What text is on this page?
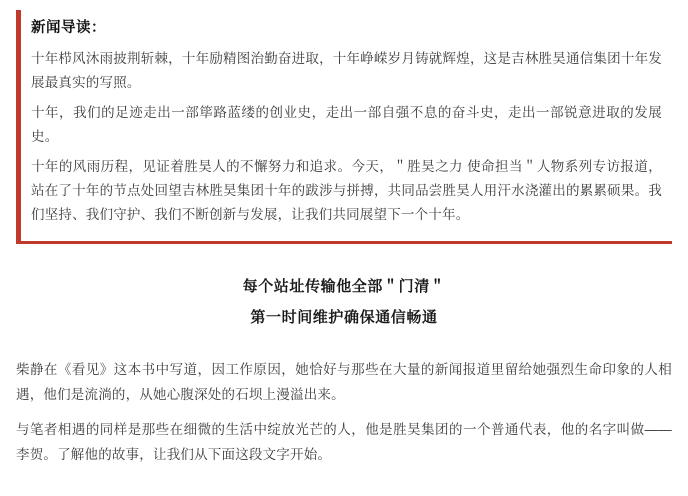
新闻导读：

十年栉风沐雨披荆斩棘，十年励精图治勤奋进取，十年峥嵘岁月铸就辉煌，这是吉林胜昊通信集团十年发展最真实的写照。

十年，我们的足迹走出一部筚路蓝缕的创业史，走出一部自强不息的奋斗史，走出一部锐意进取的发展史。

十年的风雨历程，见证着胜昊人的不懈努力和追求。今天，＂胜昊之力 使命担当＂人物系列专访报道，站在了十年的节点处回望吉林胜昊集团十年的跋涉与拼搏，共同品尝胜昊人用汗水浇灌出的累累硕果。我们坚持、我们守护、我们不断创新与发展，让我们共同展望下一个十年。

每个站址传输他全部＂门清＂
第一时间维护确保通信畅通

柴静在《看见》这本书中写道，因工作原因，她恰好与那些在大量的新闻报道里留给她强烈生命印象的人相遇，他们是流淌的，从她心腹深处的石坝上漫溢出来。

与笔者相遇的同样是那些在细微的生活中绽放光芒的人，他是胜昊集团的一个普通代表，他的名字叫做——李贺。了解他的故事，让我们从下面这段文字开始。
